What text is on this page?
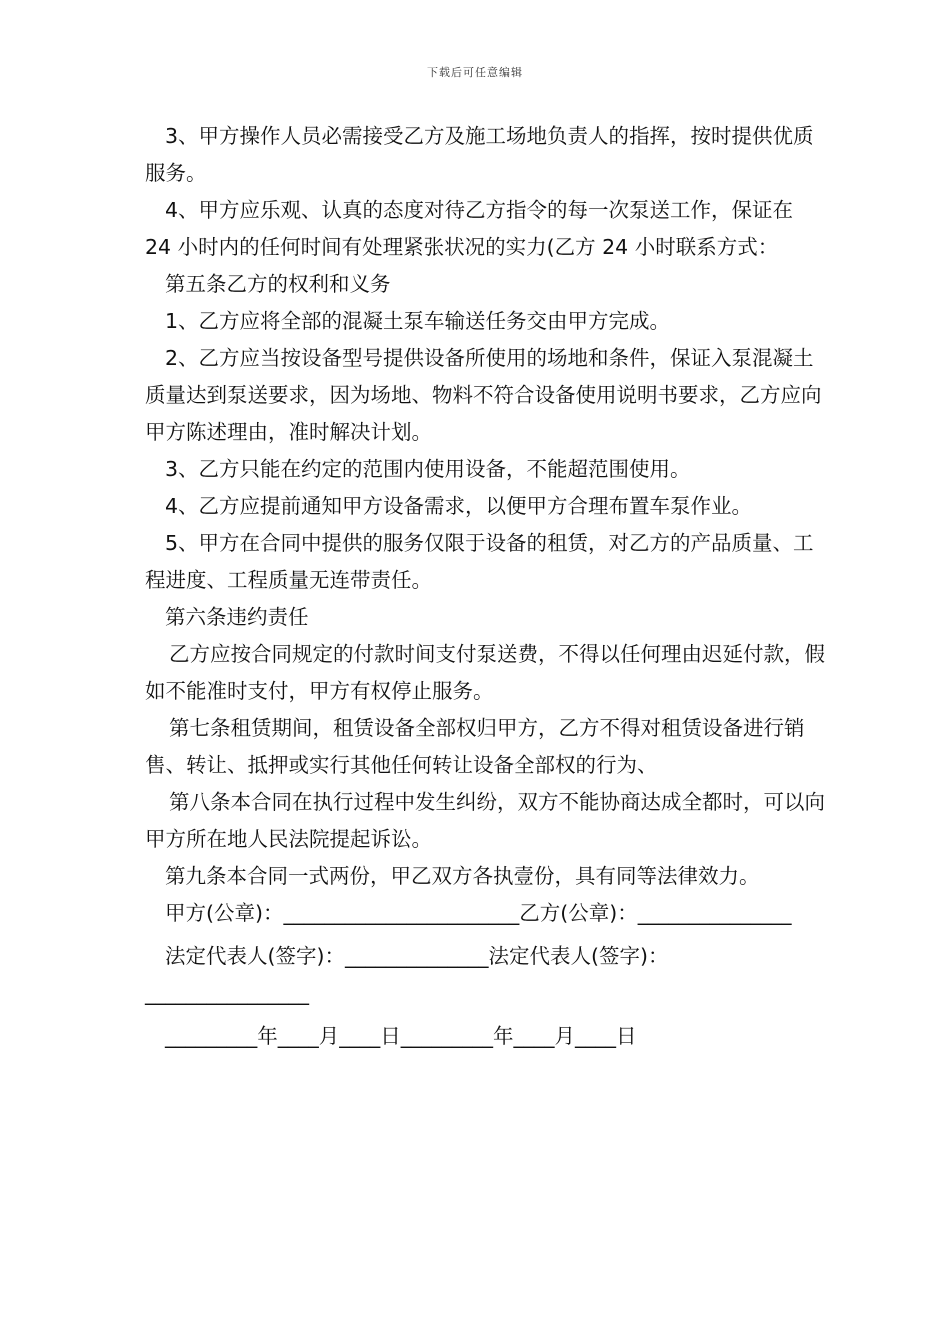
下载后可任意编辑

3、甲方操作人员必需接受乙方及施工场地负责人的指挥，按时提供优质服务。

4、甲方应乐观、认真的态度对待乙方指令的每一次泵送工作，保证在 24 小时内的任何时间有处理紧张状况的实力(乙方 24 小时联系方式：

第五条乙方的权利和义务

1、乙方应将全部的混凝土泵车输送任务交由甲方完成。

2、乙方应当按设备型号提供设备所使用的场地和条件，保证入泵混凝土质量达到泵送要求，因为场地、物料不符合设备使用说明书要求，乙方应向甲方陈述理由，准时解决计划。

3、乙方只能在约定的范围内使用设备，不能超范围使用。

4、乙方应提前通知甲方设备需求，以便甲方合理布置车泵作业。

5、甲方在合同中提供的服务仅限于设备的租赁，对乙方的产品质量、工程进度、工程质量无连带责任。

第六条违约责任

乙方应按合同规定的付款时间支付泵送费，不得以任何理由迟延付款，假如不能准时支付，甲方有权停止服务。

第七条租赁期间，租赁设备全部权归甲方，乙方不得对租赁设备进行销售、转让、抵押或实行其他任何转让设备全部权的行为、

第八条本合同在执行过程中发生纠纷，双方不能协商达成全都时，可以向甲方所在地人民法院提起诉讼。

第九条本合同一式两份，甲乙双方各执壹份，具有同等法律效力。

甲方(公章)：_______________________乙方(公章)：_______________

法定代表人(签字)：______________法定代表人(签字)：________________

_________年____月____日_________年____月____日
